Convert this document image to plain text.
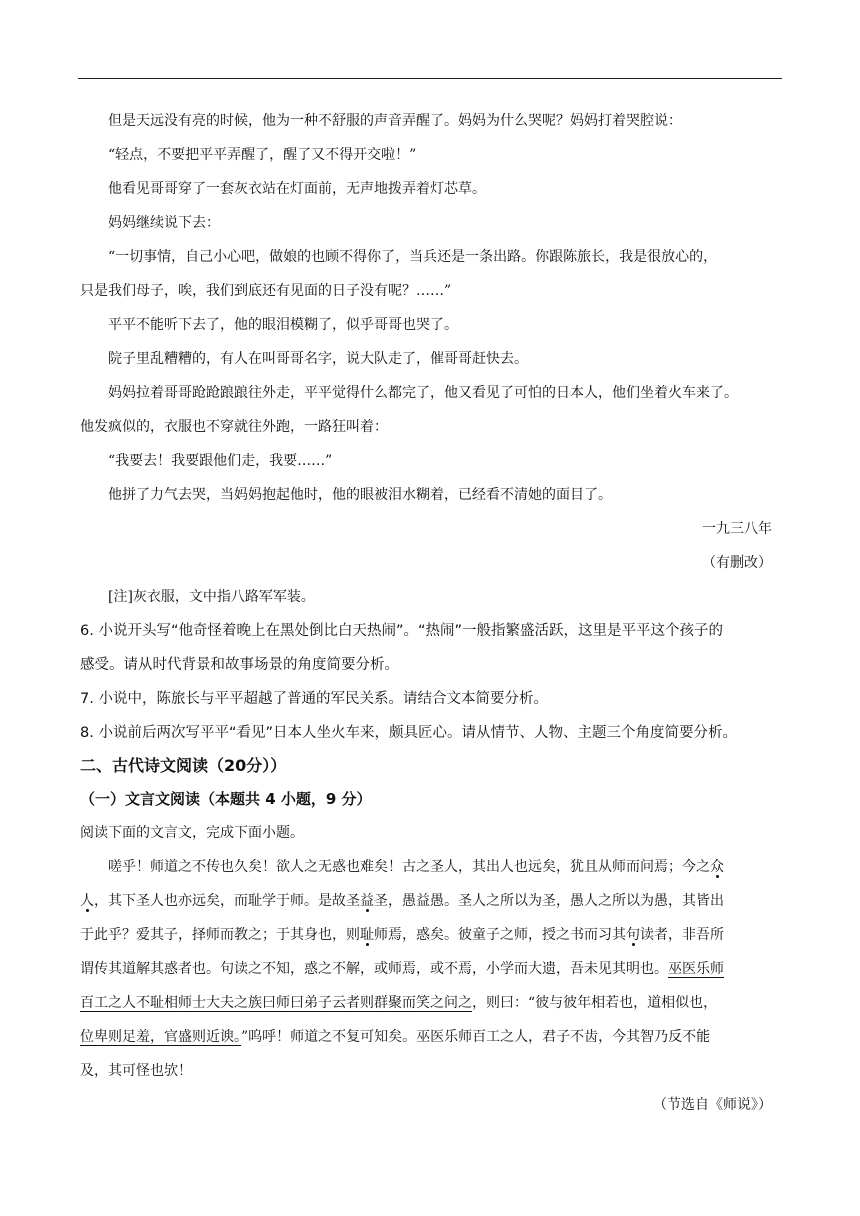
但是天远没有亮的时候，他为一种不舒服的声音弄醒了。妈妈为什么哭呢？妈妈打着哭腔说：

“轻点，不要把平平弄醒了，醒了又不得开交啦！”

他看见哥哥穿了一套灰衣站在灯面前，无声地拨弄着灯芯草。

妈妈继续说下去：

“一切事情，自己小心吧，做娘的也顾不得你了，当兵还是一条出路。你跟陈旅长，我是很放心的，

只是我们母子，唉，我们到底还有见面的日子没有呢？……”

平平不能听下去了，他的眼泪模糊了，似乎哥哥也哭了。

院子里乱糟糟的，有人在叫哥哥名字，说大队走了，催哥哥赶快去。

妈妈拉着哥哥跄跄踉踉往外走，平平觉得什么都完了，他又看见了可怕的日本人，他们坐着火车来了。

他发疯似的，衣服也不穿就往外跑，一路狂叫着：

“我要去！我要跟他们走，我要……”

他拼了力气去哭，当妈妈抱起他时，他的眼被泪水糊着，已经看不清她的面目了。

一九三八年

（有删改）

[注]灰衣服，文中指八路军军装。

6. 小说开头写“他奇怪着晚上在黑处倒比白天热闹”。“热闹”一般指繁盛活跃，这里是平平这个孩子的

感受。请从时代背景和故事场景的角度简要分析。

7. 小说中，陈旅长与平平超越了普通的军民关系。请结合文本简要分析。

8. 小说前后两次写平平“看见”日本人坐火车来，颇具匠心。请从情节、人物、主题三个角度简要分析。

二、古代诗文阅读（20分））

（一）文言文阅读（本题共 4 小题，9 分）

阅读下面的文言文，完成下面小题。

嗟乎！师道之不传也久矣！欲人之无惑也难矣！古之圣人，其出人也远矣，犹且从师而问焉；今之众

人，其下圣人也亦远矣，而耻学于师。是故圣益圣，愚益愚。圣人之所以为圣，愚人之所以为愚，其皆出

于此乎？爱其子，择师而教之；于其身也，则耻师焉，惑矣。彼童子之师，授之书而习其句读者，非吾所

谓传其道解其惑者也。句读之不知，惑之不解，或师焉，或不焉，小学而大遗，吾未见其明也。巫医乐师

百工之人不耻相师士大夫之族曰师曰弟子云者则群聚而笑之问之，则曰：“彼与彼年相若也，道相似也，

位卑则足羞，官盛则近谀。”呜呼！师道之不复可知矣。巫医乐师百工之人，君子不齿，今其智乃反不能

及，其可怪也欤！

（节选自《师说》）
